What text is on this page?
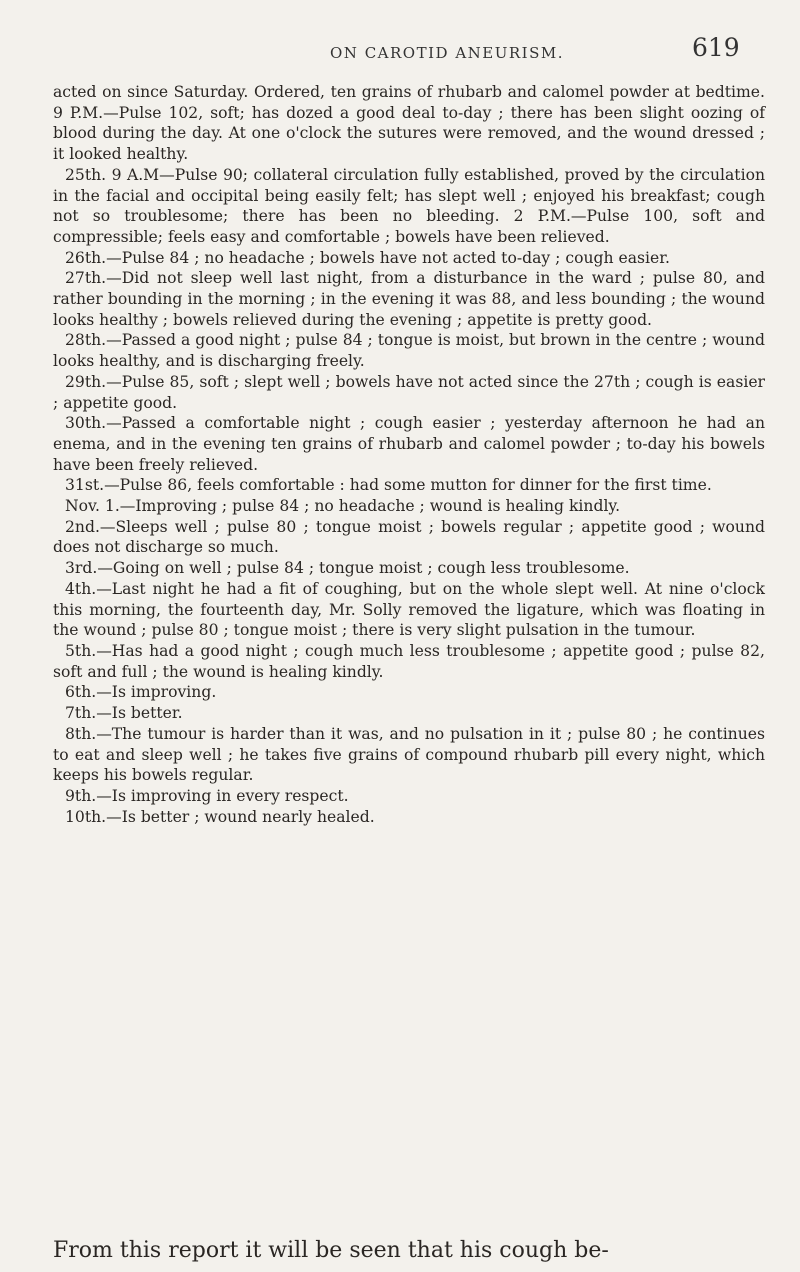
ON CAROTID ANEURISM.	619

acted on since Saturday. Ordered, ten grains of rhubarb and calomel powder at bedtime. 9 P.M.—Pulse 102, soft; has dozed a good deal to-day ; there has been slight oozing of blood during the day. At one o'clock the sutures were removed, and the wound dressed ; it looked healthy.

25th. 9 A.M—Pulse 90; collateral circulation fully established, proved by the circulation in the facial and occipital being easily felt; has slept well ; enjoyed his breakfast; cough not so troublesome; there has been no bleeding. 2 P.M.—Pulse 100, soft and compressible; feels easy and comfortable ; bowels have been relieved.

26th.—Pulse 84 ; no headache ; bowels have not acted to-day ; cough easier.

27th.—Did not sleep well last night, from a disturbance in the ward ; pulse 80, and rather bounding in the morning ; in the evening it was 88, and less bounding ; the wound looks healthy ; bowels relieved during the evening ; appetite is pretty good.

28th.—Passed a good night ; pulse 84 ; tongue is moist, but brown in the centre ; wound looks healthy, and is discharging freely.

29th.—Pulse 85, soft ; slept well ; bowels have not acted since the 27th ; cough is easier ; appetite good.

30th.—Passed a comfortable night ; cough easier ; yesterday afternoon he had an enema, and in the evening ten grains of rhubarb and calomel powder ; to-day his bowels have been freely relieved.

31st.—Pulse 86, feels comfortable : had some mutton for dinner for the first time.

Nov. 1.—Improving ; pulse 84 ; no headache ; wound is healing kindly.

2nd.—Sleeps well ; pulse 80 ; tongue moist ; bowels regular ; appetite good ; wound does not discharge so much.

3rd.—Going on well ; pulse 84 ; tongue moist ; cough less troublesome.

4th.—Last night he had a fit of coughing, but on the whole slept well. At nine o'clock this morning, the fourteenth day, Mr. Solly removed the ligature, which was floating in the wound ; pulse 80 ; tongue moist ; there is very slight pulsation in the tumour.

5th.—Has had a good night ; cough much less troublesome ; appetite good ; pulse 82, soft and full ; the wound is healing kindly.

6th.—Is improving.

7th.—Is better.

8th.—The tumour is harder than it was, and no pulsation in it ; pulse 80 ; he continues to eat and sleep well ; he takes five grains of compound rhubarb pill every night, which keeps his bowels regular.

9th.—Is improving in every respect.

10th.—Is better ; wound nearly healed.

From this report it will be seen that his cough be-
